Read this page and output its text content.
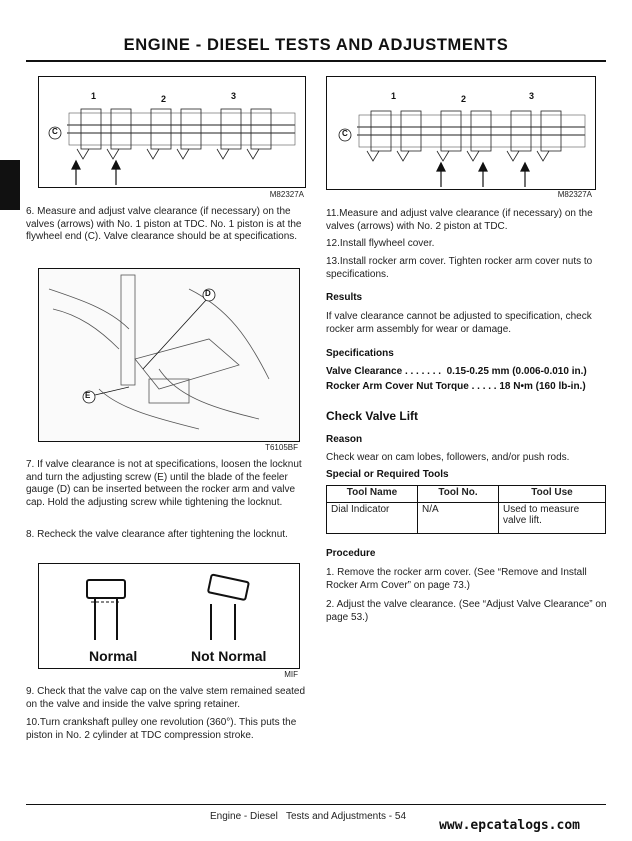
ENGINE - DIESEL TESTS AND ADJUSTMENTS
1	2	3
C
M82327A
1	2	3
C
M82327A
6. Measure and adjust valve clearance (if necessary) on the valves (arrows) with No. 1 piston at TDC. No. 1 piston is at the flywheel end (C). Valve clearance should be at specifications.
D
E
T6105BF
7. If valve clearance is not at specifications, loosen the locknut and turn the adjusting screw (E) until the blade of the feeler gauge (D) can be inserted between the rocker arm and valve cap. Hold the adjusting screw while tightening the locknut.
8. Recheck the valve clearance after tightening the locknut.
Normal	Not Normal
MIF
9. Check that the valve cap on the valve stem remained seated on the valve and inside the valve spring retainer.
10.Turn crankshaft pulley one revolution (360°). This puts the piston in No. 2 cylinder at TDC compression stroke.
11.Measure and adjust valve clearance (if necessary) on the valves (arrows) with No. 2 piston at TDC.
12.Install flywheel cover.
13.Install rocker arm cover. Tighten rocker arm cover nuts to specifications.
Results
If valve clearance cannot be adjusted to specification, check rocker arm assembly for wear or damage.
Specifications
Valve Clearance . . . . . . .  0.15-0.25 mm (0.006-0.010 in.)
Rocker Arm Cover Nut Torque . . . . . 18 N•m (160 lb-in.)
Check Valve Lift
Reason
Check wear on cam lobes, followers, and/or push rods.
Special or Required Tools
Tool Name	Tool No.	Tool Use
Dial Indicator	N/A	Used to measure valve lift.
Procedure
1. Remove the rocker arm cover. (See “Remove and Install Rocker Arm Cover” on page 73.)
2. Adjust the valve clearance. (See “Adjust Valve Clearance” on page 53.)
Engine - Diesel   Tests and Adjustments - 54
www.epcatalogs.com
